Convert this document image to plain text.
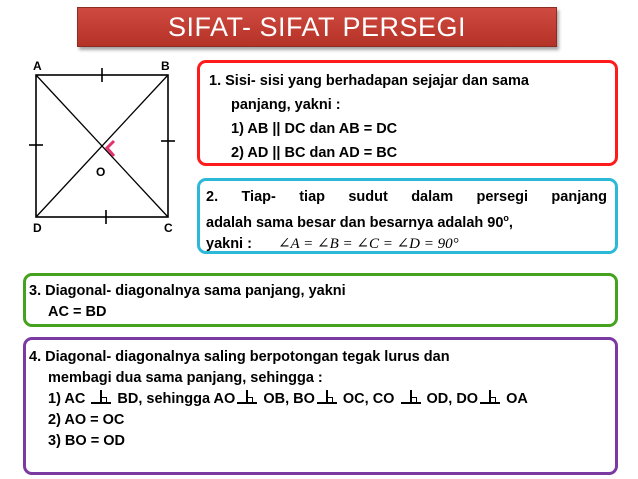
SIFAT- SIFAT PERSEGI
A	B
C
D
O
1. Sisi- sisi yang berhadapan sejajar dan sama
panjang, yakni :
1) AB || DC dan AB = DC
2) AD || BC dan AD = BC
2. Tiap- tiap sudut dalam persegi panjang
adalah sama besar dan besarnya adalah 90$^o$,
yakni : ∠A = ∠B = ∠C = ∠D = 90°
3. Diagonal- diagonalnya sama panjang, yakni
AC = BD
4. Diagonal- diagonalnya saling berpotongan tegak lurus dan
membagi dua sama panjang, sehingga :
1) AC BD, sehingga AO OB, BO OC, CO OD, DO OA
2) AO = OC
3) BO = OD
